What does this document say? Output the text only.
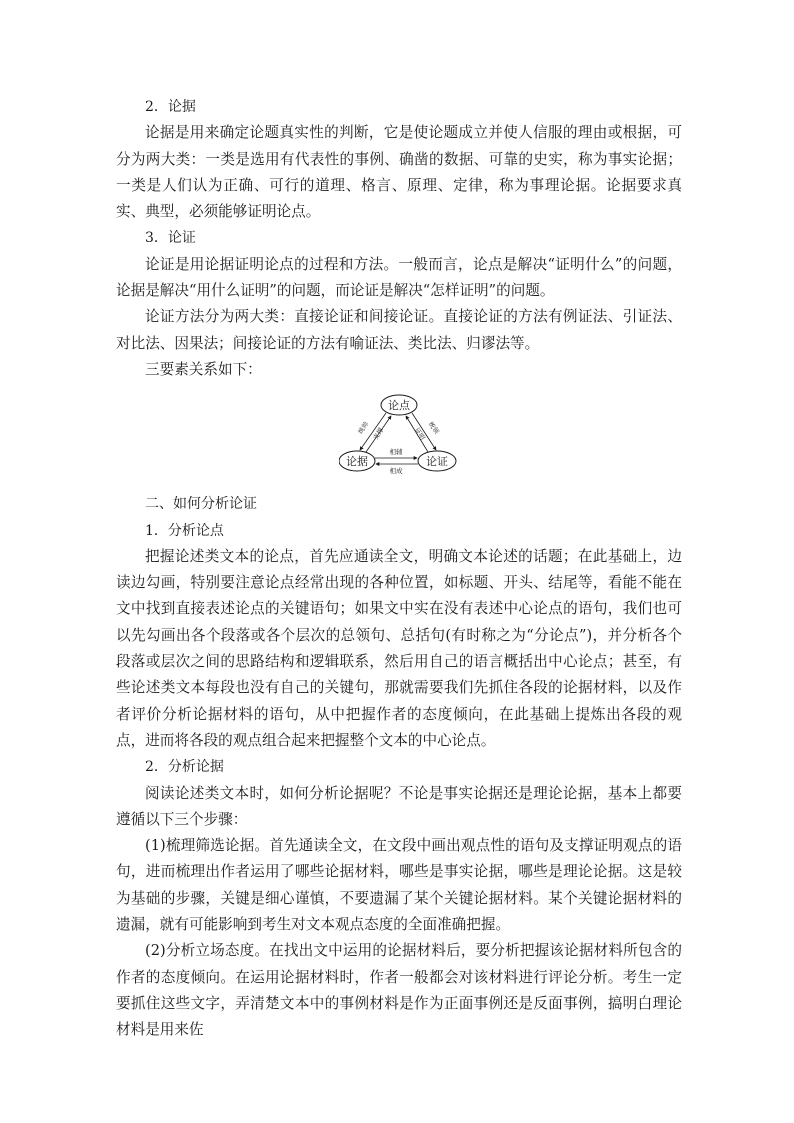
2．论据

论据是用来确定论题真实性的判断，它是使论题成立并使人信服的理由或根据，可分为两大类：一类是选用有代表性的事例、确凿的数据、可靠的史实，称为事实论据；一类是人们认为正确、可行的道理、格言、原理、定律，称为事理论据。论据要求真实、典型，必须能够证明论点。

3．论证

论证是用论据证明论点的过程和方法。一般而言，论点是解决“证明什么”的问题，论据是解决“用什么证明”的问题，而论证是解决“怎样证明”的问题。

论证方法分为两大类：直接论证和间接论证。直接论证的方法有例证法、引证法、对比法、因果法；间接论证的方法有喻证法、类比法、归谬法等。

三要素关系如下：

论点
论据	论证
统帅 支撑	统领
证明
相辅
相成

二、如何分析论证

1．分析论点

把握论述类文本的论点，首先应通读全文，明确文本论述的话题；在此基础上，边读边勾画，特别要注意论点经常出现的各种位置，如标题、开头、结尾等，看能不能在文中找到直接表述论点的关键语句；如果文中实在没有表述中心论点的语句，我们也可以先勾画出各个段落或各个层次的总领句、总括句(有时称之为“分论点”)，并分析各个段落或层次之间的思路结构和逻辑联系，然后用自己的语言概括出中心论点；甚至，有些论述类文本每段也没有自己的关键句，那就需要我们先抓住各段的论据材料，以及作者评价分析论据材料的语句，从中把握作者的态度倾向，在此基础上提炼出各段的观点，进而将各段的观点组合起来把握整个文本的中心论点。

2．分析论据

阅读论述类文本时，如何分析论据呢？不论是事实论据还是理论论据，基本上都要遵循以下三个步骤：

(1)梳理筛选论据。首先通读全文，在文段中画出观点性的语句及支撑证明观点的语句，进而梳理出作者运用了哪些论据材料，哪些是事实论据，哪些是理论论据。这是较为基础的步骤，关键是细心谨慎，不要遗漏了某个关键论据材料。某个关键论据材料的遗漏，就有可能影响到考生对文本观点态度的全面准确把握。

(2)分析立场态度。在找出文中运用的论据材料后，要分析把握该论据材料所包含的作者的态度倾向。在运用论据材料时，作者一般都会对该材料进行评论分析。考生一定要抓住这些文字，弄清楚文本中的事例材料是作为正面事例还是反面事例，搞明白理论材料是用来佐
